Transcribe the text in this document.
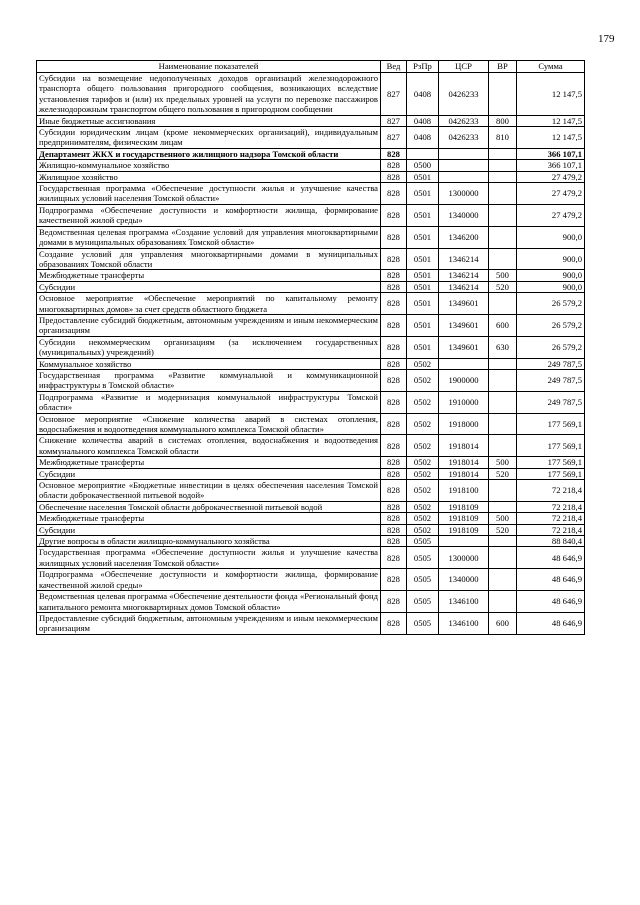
179
Наименование показателей	Вед	РзПр	ЦСР	ВР	Сумма
Субсидии на возмещение недополученных доходов организаций железнодорожного транспорта общего пользования пригородного сообщения, возникающих вследствие установления тарифов и (или) их предельных уровней на услуги по перевозке пассажиров железнодорожным транспортом общего пользования в пригородном сообщении	827	0408	0426233		12 147,5
Иные бюджетные ассигнования	827	0408	0426233	800	12 147,5
Субсидии юридическим лицам (кроме некоммерческих организаций), индивидуальным предпринимателям, физическим лицам	827	0408	0426233	810	12 147,5
Департамент ЖКХ и государственного жилищного надзора Томской области	828				366 107,1
Жилищно-коммунальное хозяйство	828	0500			366 107,1
Жилищное хозяйство	828	0501			27 479,2
Государственная программа «Обеспечение доступности жилья и улучшение качества жилищных условий населения Томской области»	828	0501	1300000		27 479,2
Подпрограмма «Обеспечение доступности и комфортности жилища, формирование качественной жилой среды»	828	0501	1340000		27 479,2
Ведомственная целевая программа «Создание условий для управления многоквартирными домами в муниципальных образованиях Томской области»	828	0501	1346200		900,0
Создание условий для управления многоквартирными домами в муниципальных образованиях Томской области	828	0501	1346214		900,0
Межбюджетные трансферты	828	0501	1346214	500	900,0
Субсидии	828	0501	1346214	520	900,0
Основное мероприятие «Обеспечение мероприятий по капитальному ремонту многоквартирных домов» за счет средств областного бюджета	828	0501	1349601		26 579,2
Предоставление субсидий бюджетным, автономным учреждениям и иным некоммерческим организациям	828	0501	1349601	600	26 579,2
Субсидии некоммерческим организациям (за исключением государственных (муниципальных) учреждений)	828	0501	1349601	630	26 579,2
Коммунальное хозяйство	828	0502			249 787,5
Государственная программа «Развитие коммунальной и коммуникационной инфраструктуры в Томской области»	828	0502	1900000		249 787,5
Подпрограмма «Развитие и модернизация коммунальной инфраструктуры Томской области»	828	0502	1910000		249 787,5
Основное мероприятие «Снижение количества аварий в системах отопления, водоснабжения и водоотведения коммунального комплекса Томской области»	828	0502	1918000		177 569,1
Снижение количества аварий в системах отопления, водоснабжения и водоотведения коммунального комплекса Томской области	828	0502	1918014		177 569,1
Межбюджетные трансферты	828	0502	1918014	500	177 569,1
Субсидии	828	0502	1918014	520	177 569,1
Основное мероприятие «Бюджетные инвестиции в целях обеспечения населения Томской области доброкачественной питьевой водой»	828	0502	1918100		72 218,4
Обеспечение населения Томской области доброкачественной питьевой водой	828	0502	1918109		72 218,4
Межбюджетные трансферты	828	0502	1918109	500	72 218,4
Субсидии	828	0502	1918109	520	72 218,4
Другие вопросы в области жилищно-коммунального хозяйства	828	0505			88 840,4
Государственная программа «Обеспечение доступности жилья и улучшение качества жилищных условий населения Томской области»	828	0505	1300000		48 646,9
Подпрограмма «Обеспечение доступности и комфортности жилища, формирование качественной жилой среды»	828	0505	1340000		48 646,9
Ведомственная целевая программа «Обеспечение деятельности фонда «Региональный фонд капитального ремонта многоквартирных домов Томской области»	828	0505	1346100		48 646,9
Предоставление субсидий бюджетным, автономным учреждениям и иным некоммерческим организациям	828	0505	1346100	600	48 646,9
